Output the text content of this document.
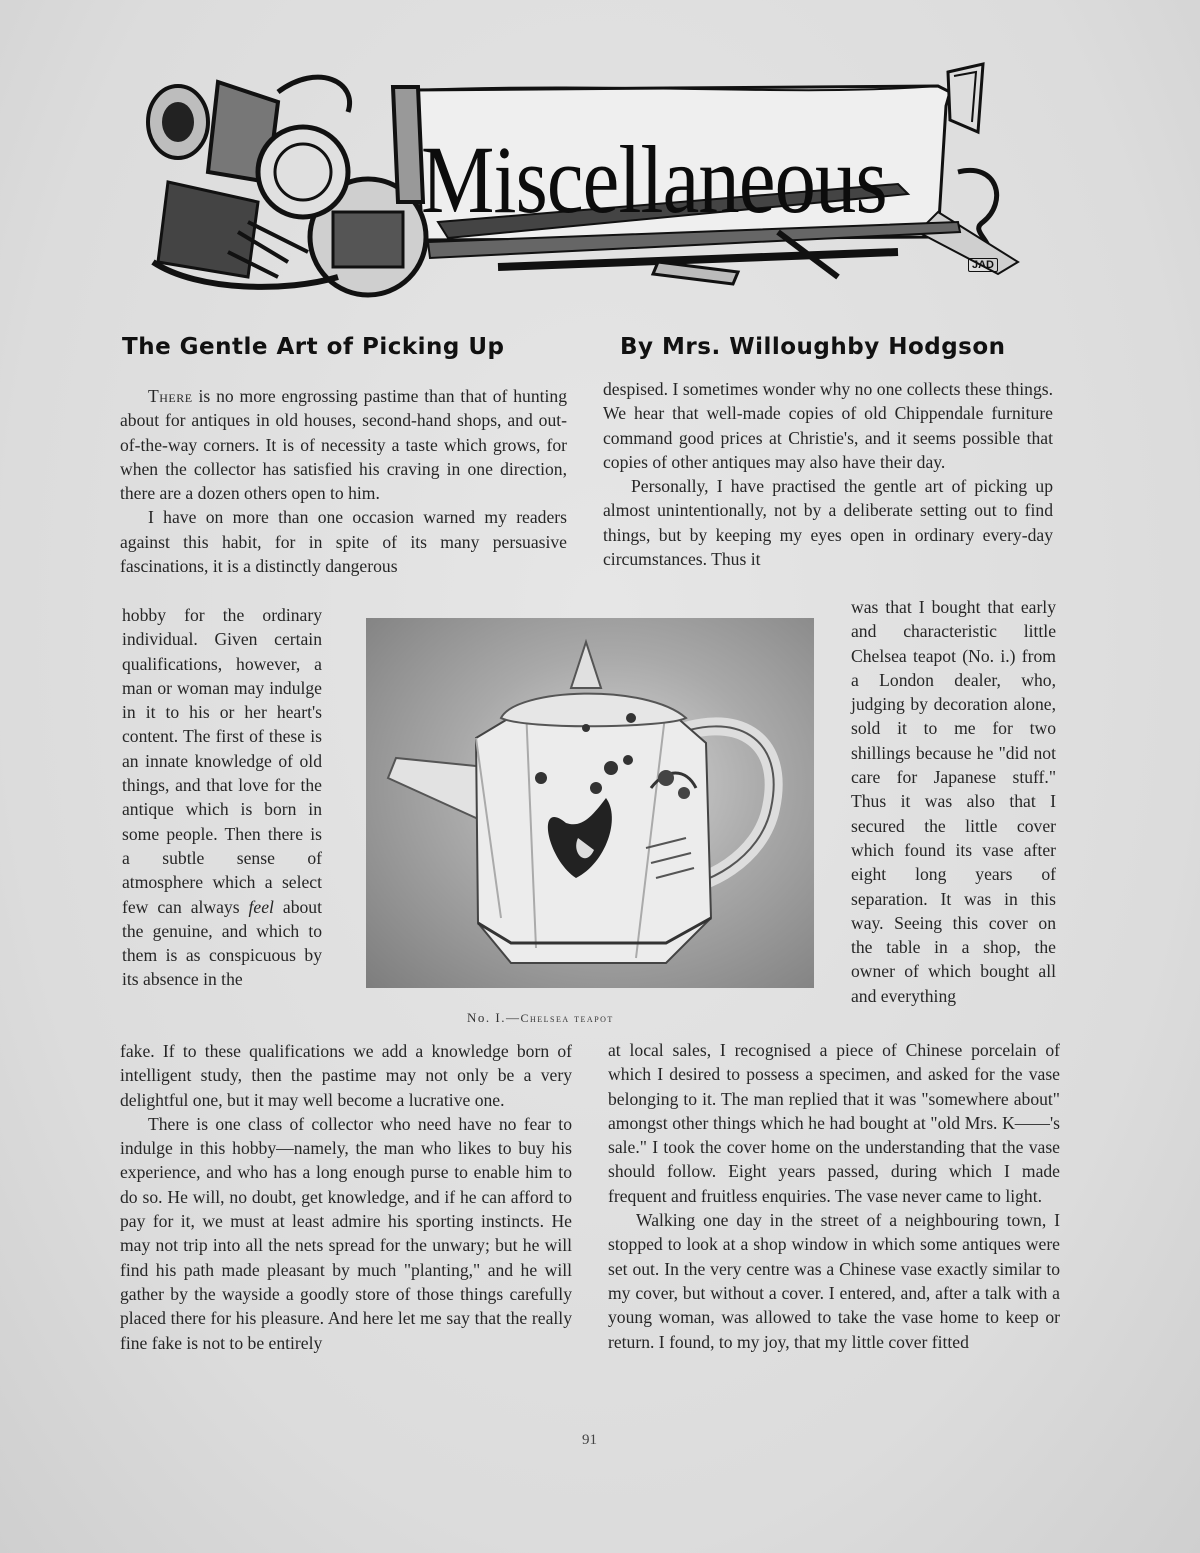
Miscellaneous
JAD
The Gentle Art of Picking Up	By Mrs. Willoughby Hodgson

There is no more engrossing pastime than that of hunting about for antiques in old houses, second-hand shops, and out-of-the-way corners. It is of necessity a taste which grows, for when the collector has satisfied his craving in one direction, there are a dozen others open to him.

I have on more than one occasion warned my readers against this habit, for in spite of its many persuasive fascinations, it is a distinctly dangerous

hobby for the ordinary individual. Given certain qualifications, however, a man or woman may indulge in it to his or her heart's content. The first of these is an innate knowledge of old things, and that love for the antique which is born in some people. Then there is a subtle sense of atmosphere which a select few can always feel about the genuine, and which to them is as conspicuous by its absence in the

fake. If to these qualifications we add a knowledge born of intelligent study, then the pastime may not only be a very delightful one, but it may well become a lucrative one.

There is one class of collector who need have no fear to indulge in this hobby—namely, the man who likes to buy his experience, and who has a long enough purse to enable him to do so. He will, no doubt, get knowledge, and if he can afford to pay for it, we must at least admire his sporting instincts. He may not trip into all the nets spread for the unwary; but he will find his path made pleasant by much "planting," and he will gather by the wayside a goodly store of those things carefully placed there for his pleasure. And here let me say that the really fine fake is not to be entirely

despised. I sometimes wonder why no one collects these things. We hear that well-made copies of old Chippendale furniture command good prices at Christie's, and it seems possible that copies of other antiques may also have their day.

Personally, I have practised the gentle art of picking up almost unintentionally, not by a deliberate setting out to find things, but by keeping my eyes open in ordinary every-day circumstances. Thus it

was that I bought that early and characteristic little Chelsea teapot (No. i.) from a London dealer, who, judging by decoration alone, sold it to me for two shillings because he "did not care for Japanese stuff." Thus it was also that I secured the little cover which found its vase after eight long years of separation. It was in this way. Seeing this cover on the table in a shop, the owner of which bought all and everything

at local sales, I recognised a piece of Chinese porcelain of which I desired to possess a specimen, and asked for the vase belonging to it. The man replied that it was "somewhere about" amongst other things which he had bought at "old Mrs. K——'s sale." I took the cover home on the understanding that the vase should follow. Eight years passed, during which I made frequent and fruitless enquiries. The vase never came to light.

Walking one day in the street of a neighbouring town, I stopped to look at a shop window in which some antiques were set out. In the very centre was a Chinese vase exactly similar to my cover, but without a cover. I entered, and, after a talk with a young woman, was allowed to take the vase home to keep or return. I found, to my joy, that my little cover fitted

No. I.—Chelsea teapot
91
